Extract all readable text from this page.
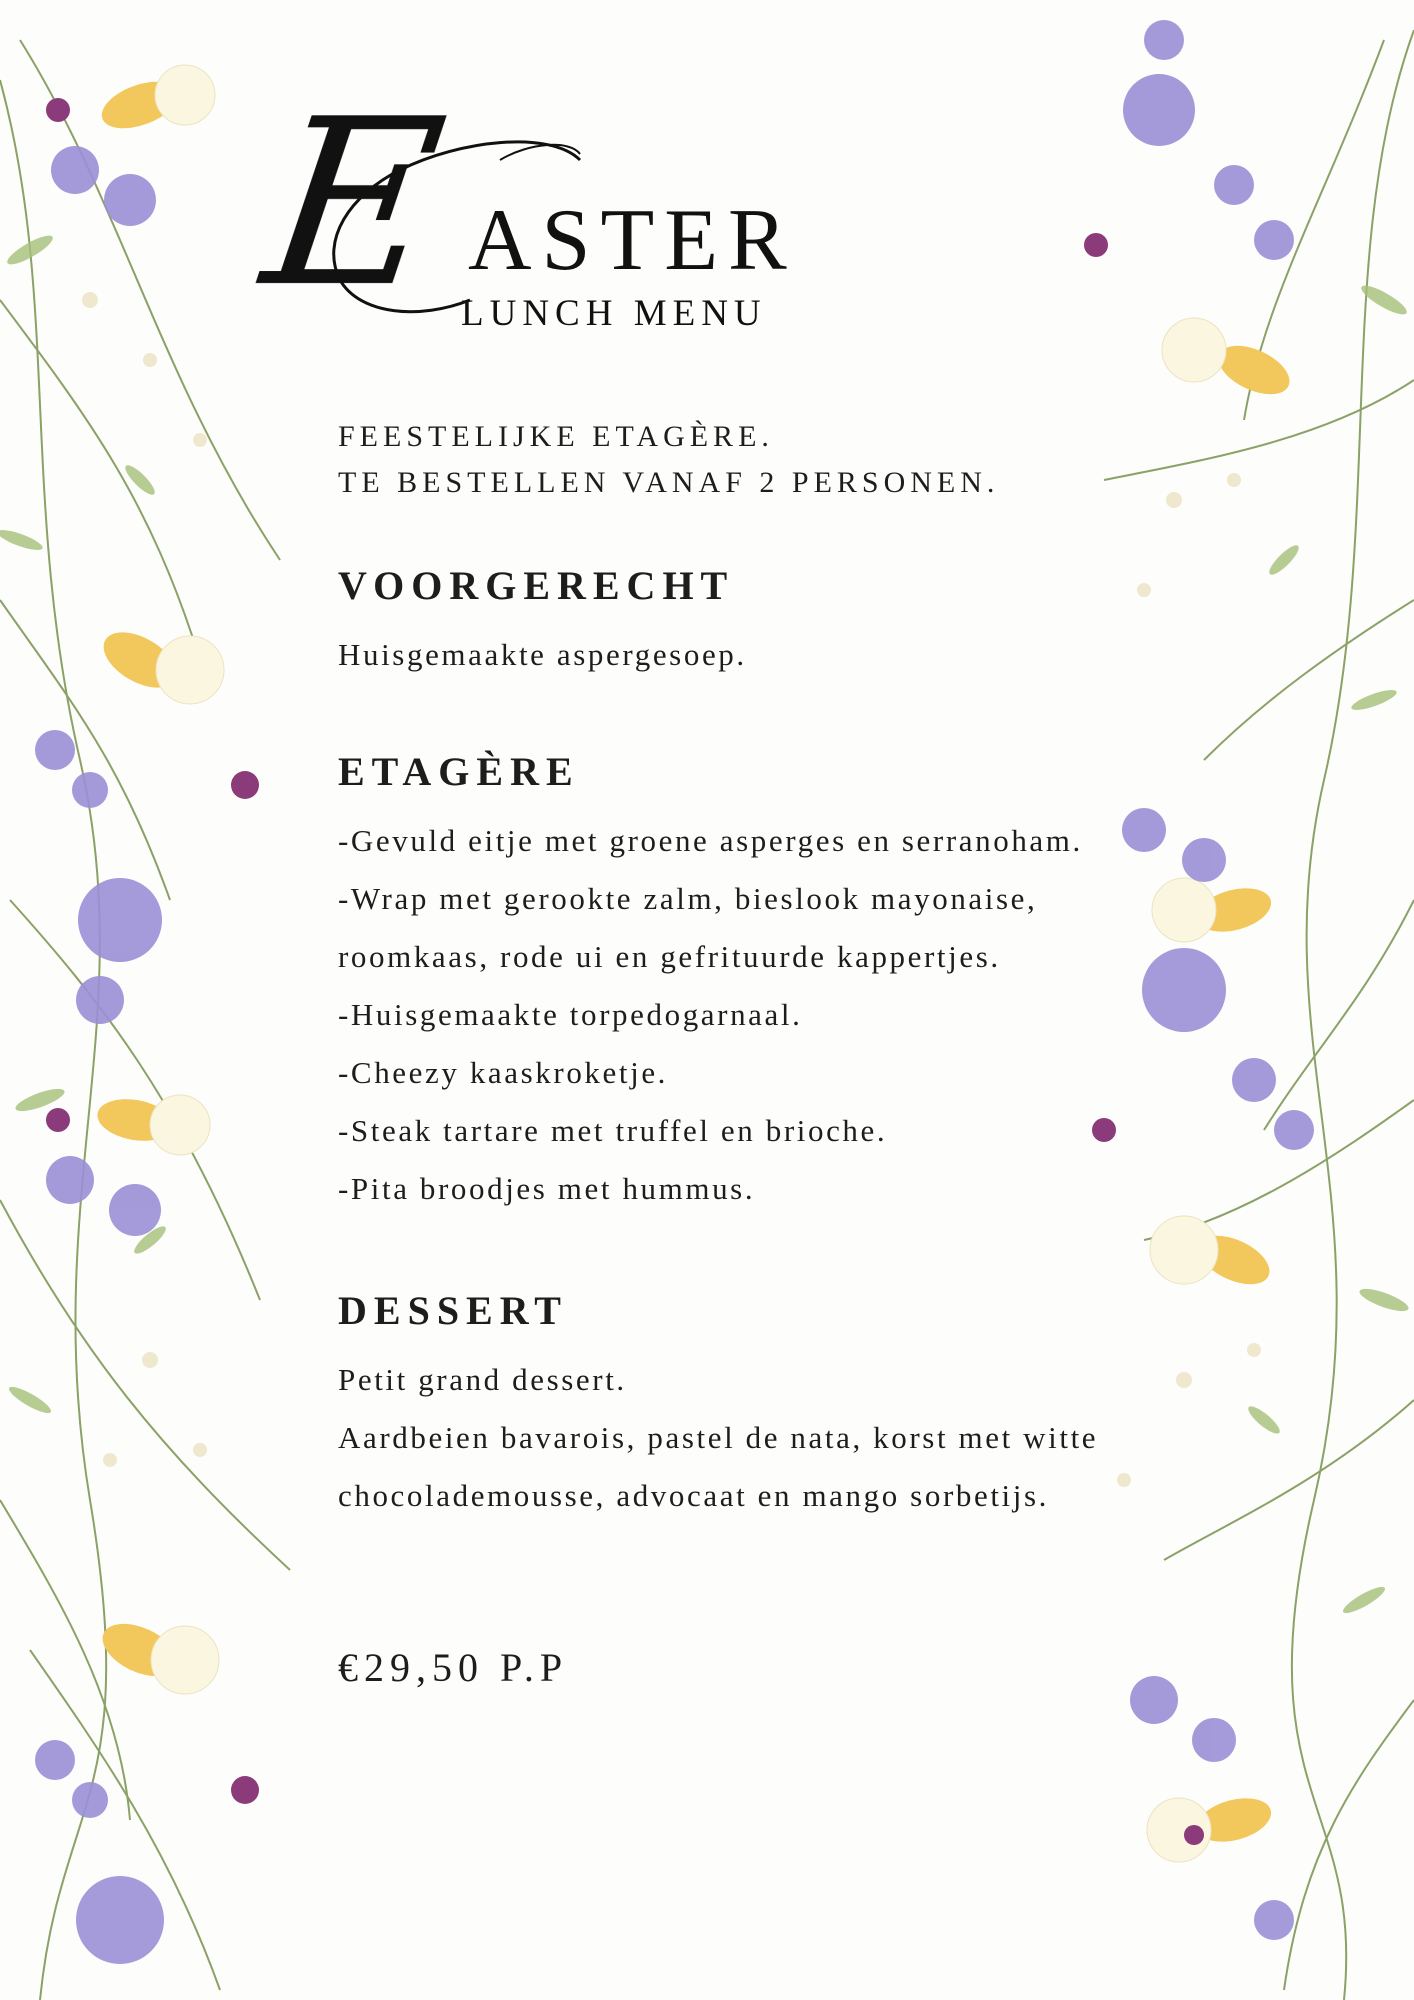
E ASTER
LUNCH MENU

FEESTELIJKE ETAGÈRE.

TE BESTELLEN VANAF 2 PERSONEN.

VOORGERECHT

Huisgemaakte aspergesoep.

ETAGÈRE

-Gevuld eitje met groene asperges en serranoham.

-Wrap met gerookte zalm, bieslook mayonaise,

roomkaas, rode ui en gefrituurde kappertjes.

-Huisgemaakte torpedogarnaal.

-Cheezy kaaskroketje.

-Steak tartare met truffel en brioche.

-Pita broodjes met hummus.

DESSERT

Petit grand dessert.

Aardbeien bavarois, pastel de nata, korst met witte

chocolademousse, advocaat en mango sorbetijs.

€29,50 P.P
